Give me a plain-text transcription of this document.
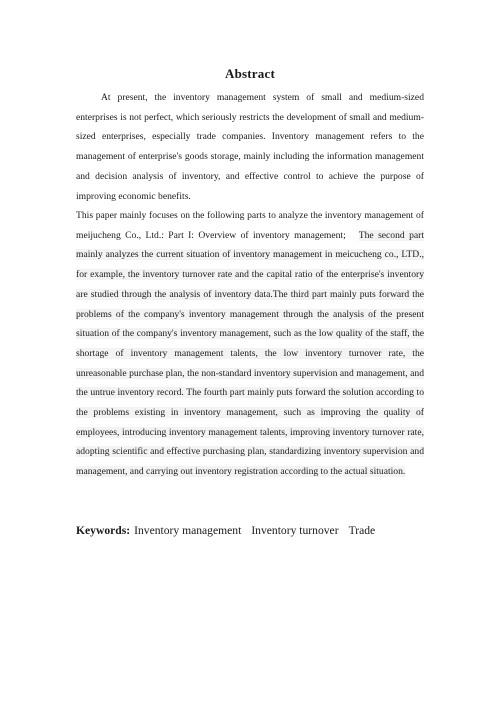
Abstract
At present, the inventory management system of small and medium-sized enterprises is not perfect, which seriously restricts the development of small and medium-sized enterprises, especially trade companies. Inventory management refers to the management of enterprise's goods storage, mainly including the information management and decision analysis of inventory, and effective control to achieve the purpose of improving economic benefits.
This paper mainly focuses on the following parts to analyze the inventory management of meijucheng Co., Ltd.: Part I: Overview of inventory management; The second part mainly analyzes the current situation of inventory management in meicucheng co., LTD., for example, the inventory turnover rate and the capital ratio of the enterprise's inventory are studied through the analysis of inventory data.The third part mainly puts forward the problems of the company's inventory management through the analysis of the present situation of the company's inventory management, such as the low quality of the staff, the shortage of inventory management talents, the low inventory turnover rate, the unreasonable purchase plan, the non-standard inventory supervision and management, and the untrue inventory record. The fourth part mainly puts forward the solution according to the problems existing in inventory management, such as improving the quality of employees, introducing inventory management talents, improving inventory turnover rate, adopting scientific and effective purchasing plan, standardizing inventory supervision and management, and carrying out inventory registration according to the actual situation.
Keywords: Inventory management Inventory turnover Trade
